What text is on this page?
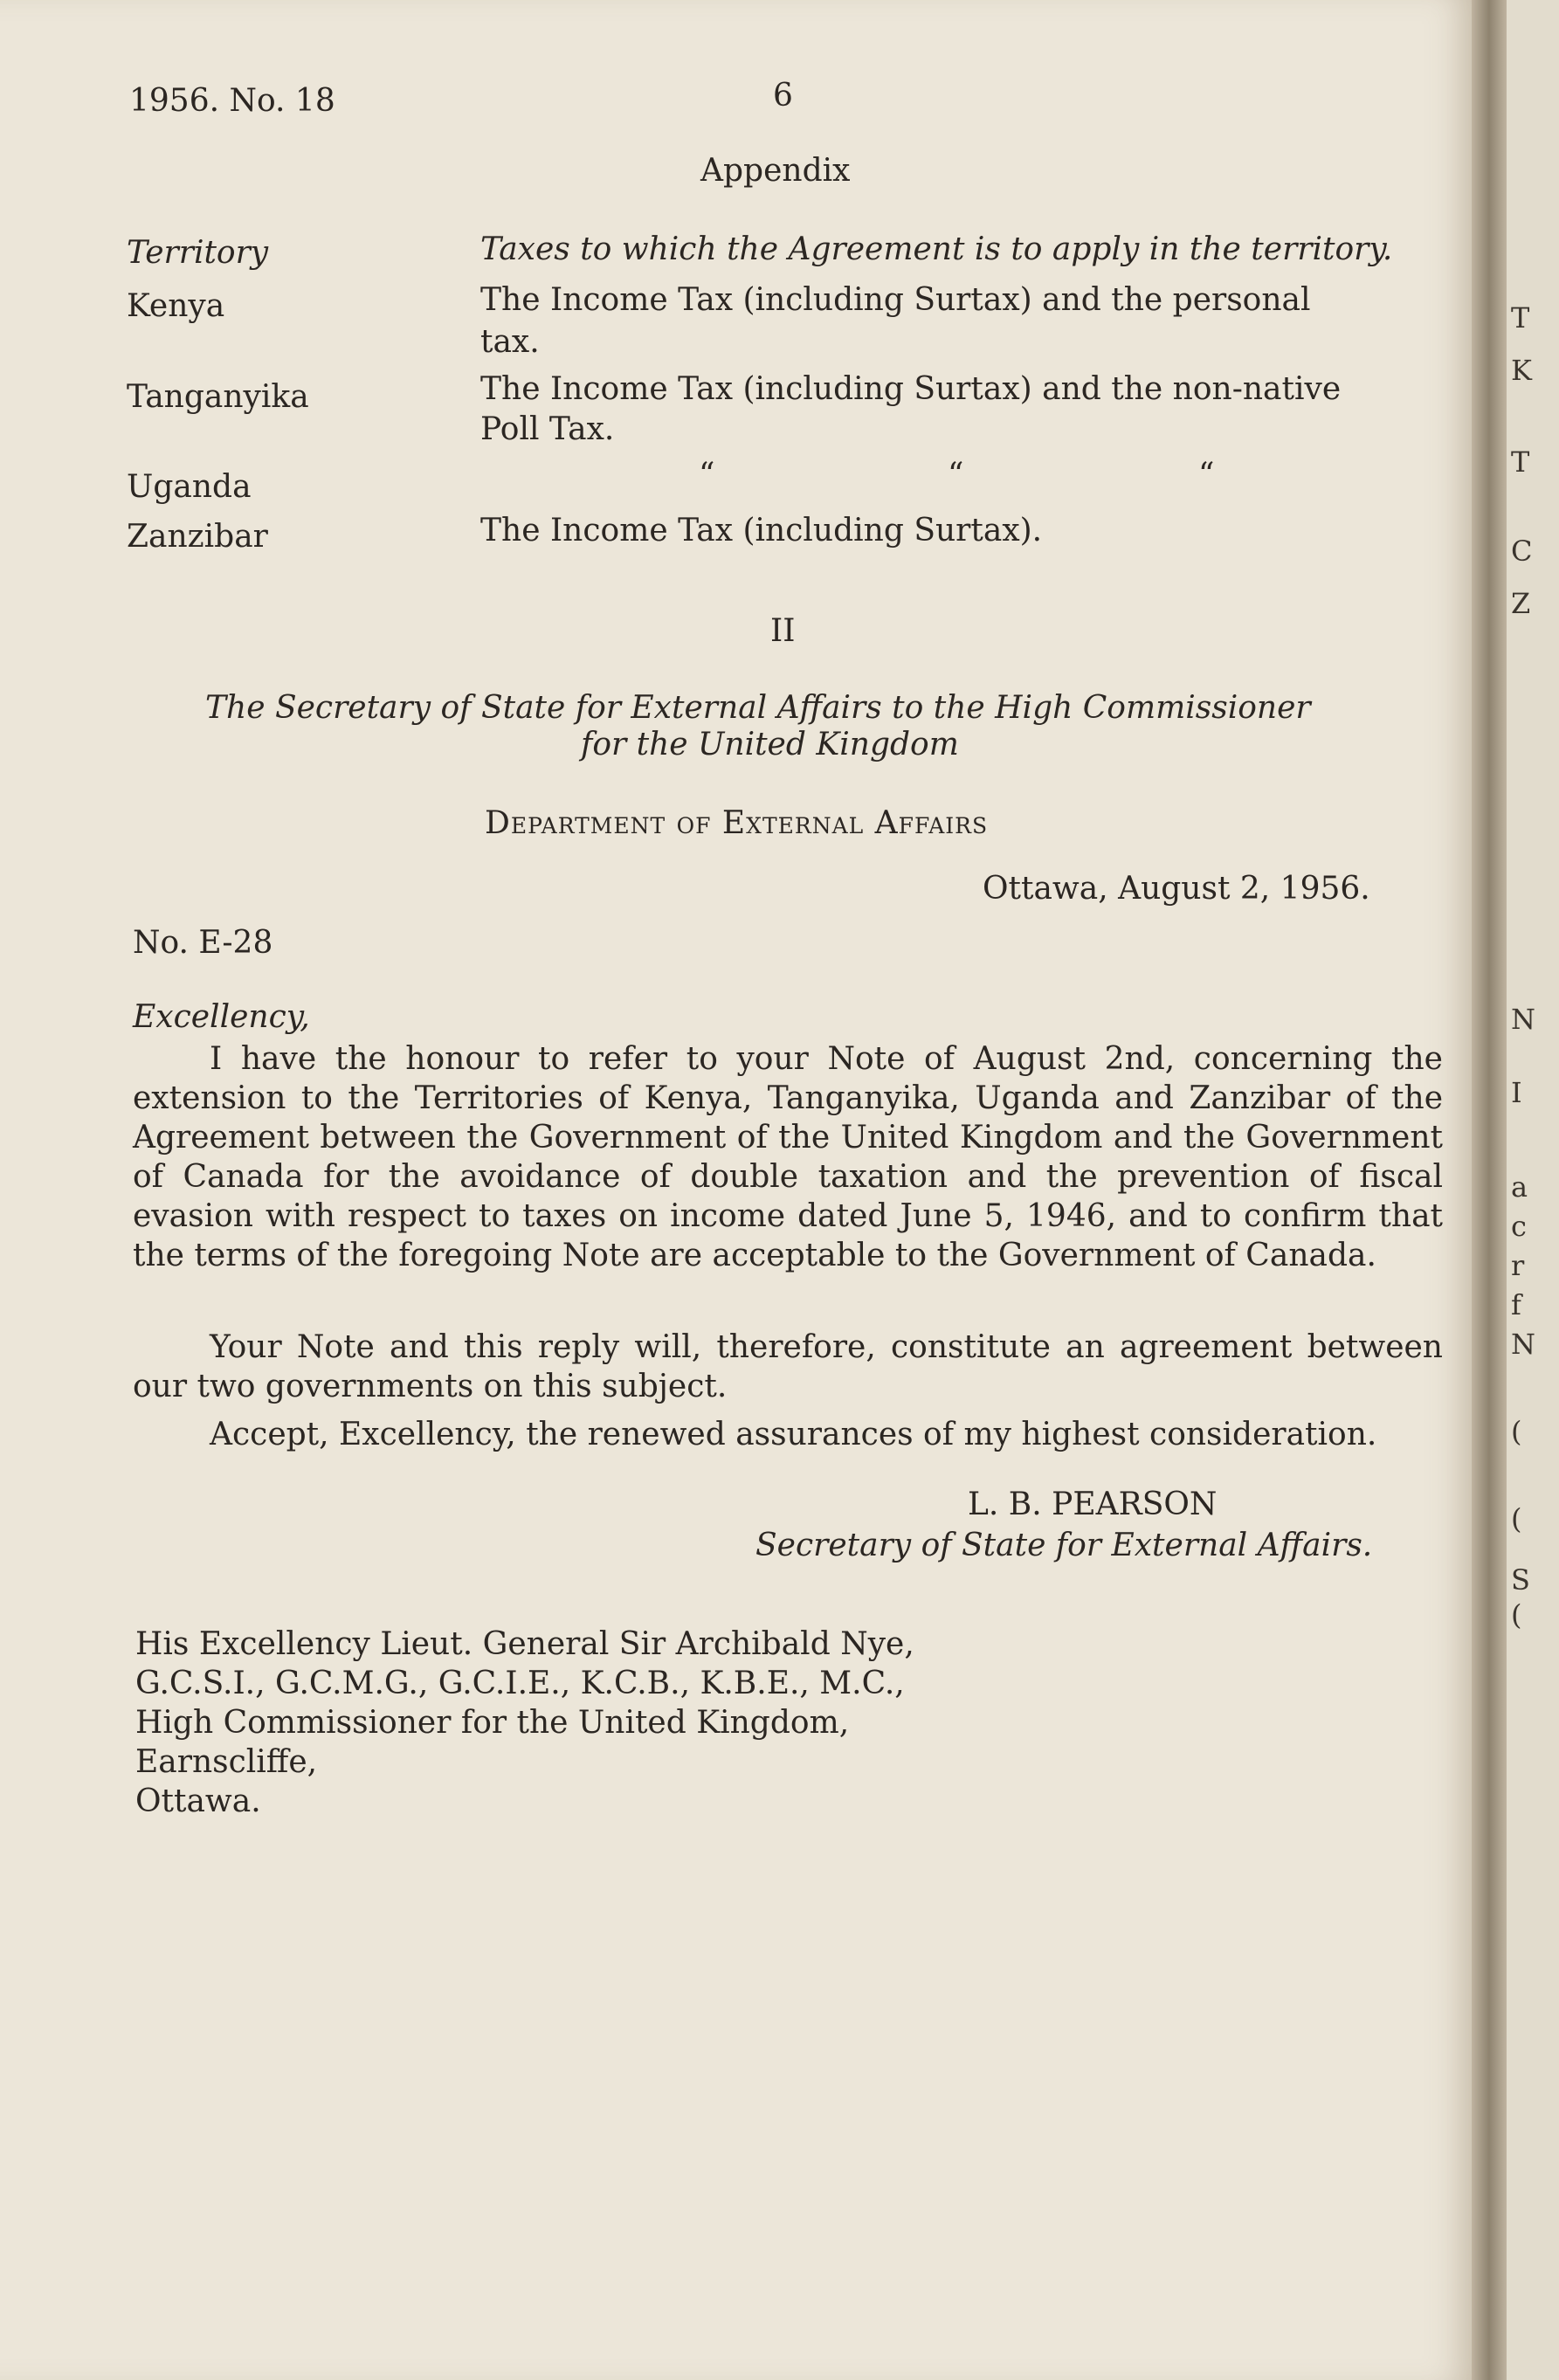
1956. No. 18	6
Appendix
Territory	Taxes to which the Agreement is to apply in the territory.
Kenya	The Income Tax (including Surtax) and the personal
tax.
Tanganyika	The Income Tax (including Surtax) and the non-native
Poll Tax.
Uganda	“	“	“
Zanzibar	The Income Tax (including Surtax).
II
The Secretary of State for External Affairs to the High Commissioner
for the United Kingdom
Department of External Affairs
Ottawa, August 2, 1956.
No. E-28
Excellency,
I have the honour to refer to your Note of August 2nd, concerning the extension to the Territories of Kenya, Tanganyika, Uganda and Zanzibar of the Agreement between the Government of the United Kingdom and the Government of Canada for the avoidance of double taxation and the prevention of fiscal evasion with respect to taxes on income dated June 5, 1946, and to confirm that the terms of the foregoing Note are acceptable to the Government of Canada.
Your Note and this reply will, therefore, constitute an agreement between our two governments on this subject.
Accept, Excellency, the renewed assurances of my highest consideration.
L. B. PEARSON
Secretary of State for External Affairs.
His Excellency Lieut. General Sir Archibald Nye,
G.C.S.I., G.C.M.G., G.C.I.E., K.C.B., K.B.E., M.C.,
High Commissioner for the United Kingdom,
Earnscliffe,
Ottawa.
T
K
T
C
Z
N
I
a
c
r
f
N
(
(
S
(
